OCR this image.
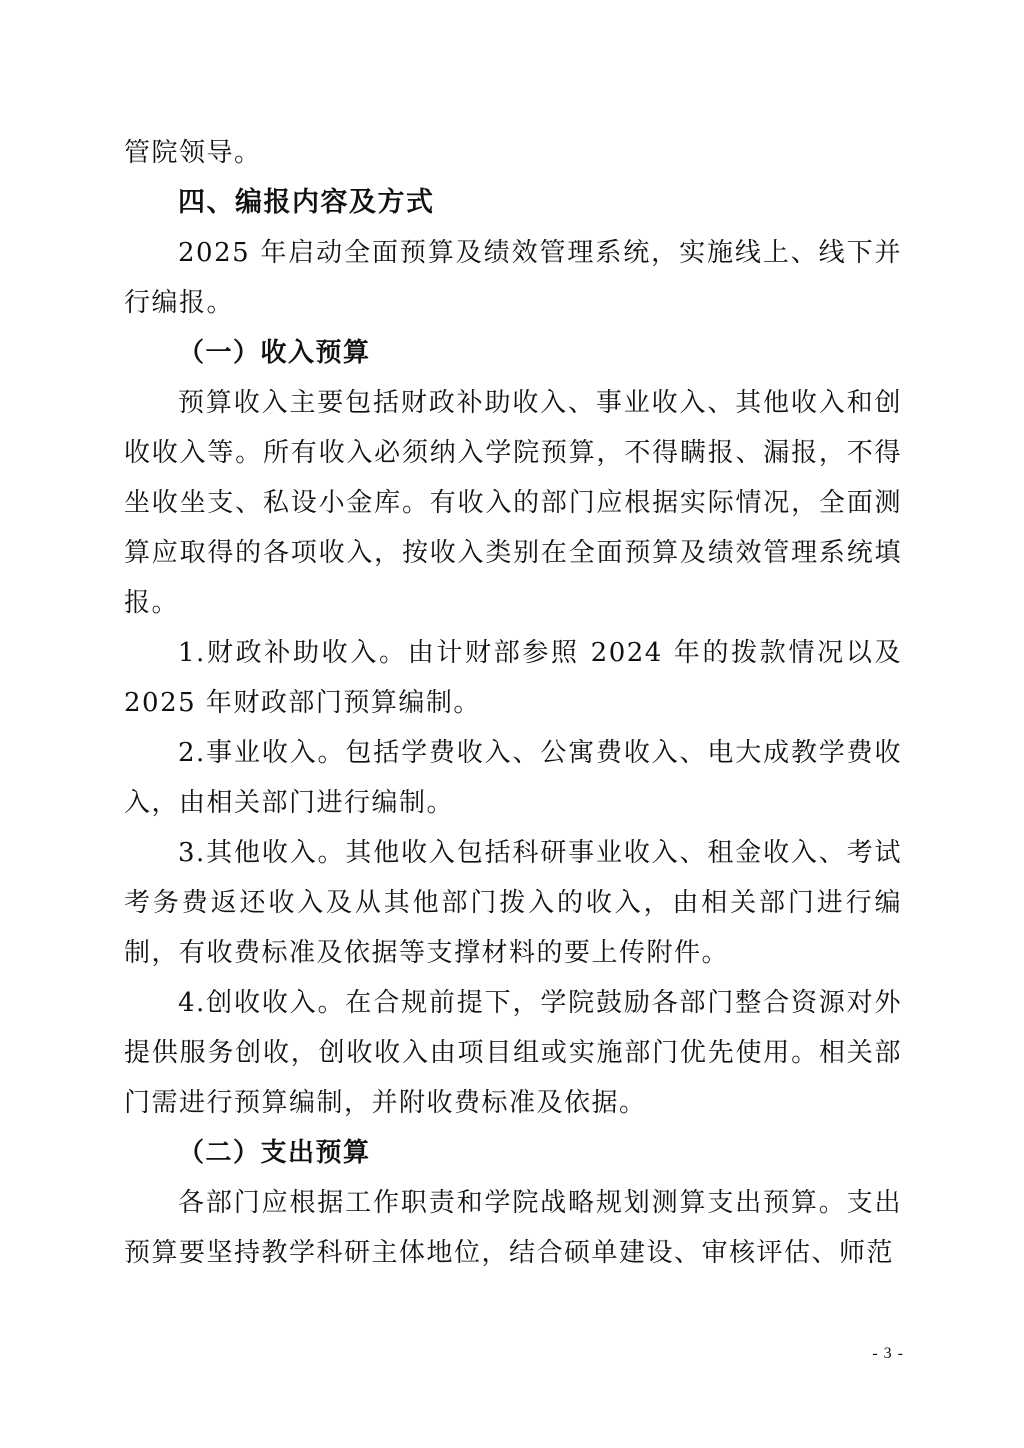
管院领导。

四、编报内容及方式

2025 年启动全面预算及绩效管理系统，实施线上、线下并行编报。

（一）收入预算

预算收入主要包括财政补助收入、事业收入、其他收入和创收收入等。所有收入必须纳入学院预算，不得瞒报、漏报，不得坐收坐支、私设小金库。有收入的部门应根据实际情况，全面测算应取得的各项收入，按收入类别在全面预算及绩效管理系统填报。

1.财政补助收入。由计财部参照 2024 年的拨款情况以及 2025 年财政部门预算编制。

2.事业收入。包括学费收入、公寓费收入、电大成教学费收入，由相关部门进行编制。

3.其他收入。其他收入包括科研事业收入、租金收入、考试考务费返还收入及从其他部门拨入的收入，由相关部门进行编制，有收费标准及依据等支撑材料的要上传附件。

4.创收收入。在合规前提下，学院鼓励各部门整合资源对外提供服务创收，创收收入由项目组或实施部门优先使用。相关部门需进行预算编制，并附收费标准及依据。

（二）支出预算

各部门应根据工作职责和学院战略规划测算支出预算。支出预算要坚持教学科研主体地位，结合硕单建设、审核评估、师范

- 3 -
